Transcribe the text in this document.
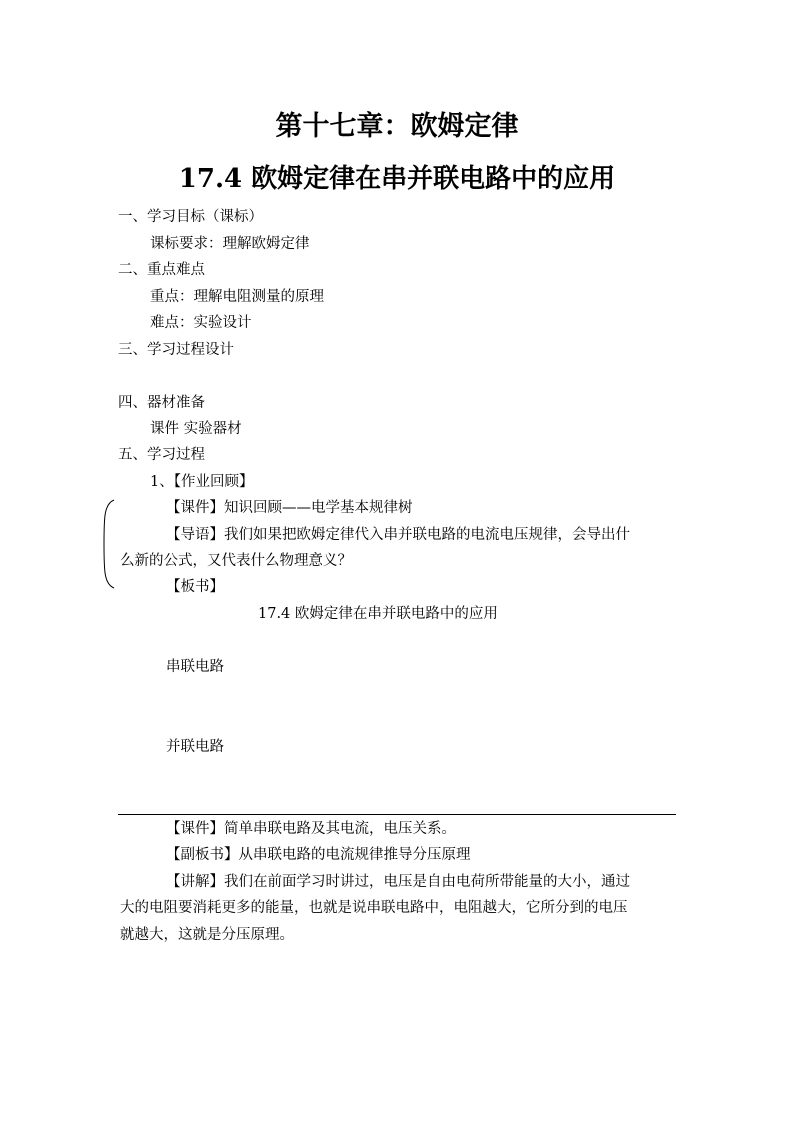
第十七章：欧姆定律
17.4 欧姆定律在串并联电路中的应用
一、学习目标（课标）
课标要求：理解欧姆定律
二、重点难点
重点：理解电阻测量的原理
难点：实验设计
三、学习过程设计
四、器材准备
课件 实验器材
五、学习过程
1、【作业回顾】
【课件】知识回顾——电学基本规律树
【导语】我们如果把欧姆定律代入串并联电路的电流电压规律，会导出什
么新的公式，又代表什么物理意义？
【板书】
17.4 欧姆定律在串并联电路中的应用
串联电路
并联电路
【课件】简单串联电路及其电流，电压关系。
【副板书】从串联电路的电流规律推导分压原理
【讲解】我们在前面学习时讲过，电压是自由电荷所带能量的大小，通过
大的电阻要消耗更多的能量，也就是说串联电路中，电阻越大，它所分到的电压
就越大，这就是分压原理。
